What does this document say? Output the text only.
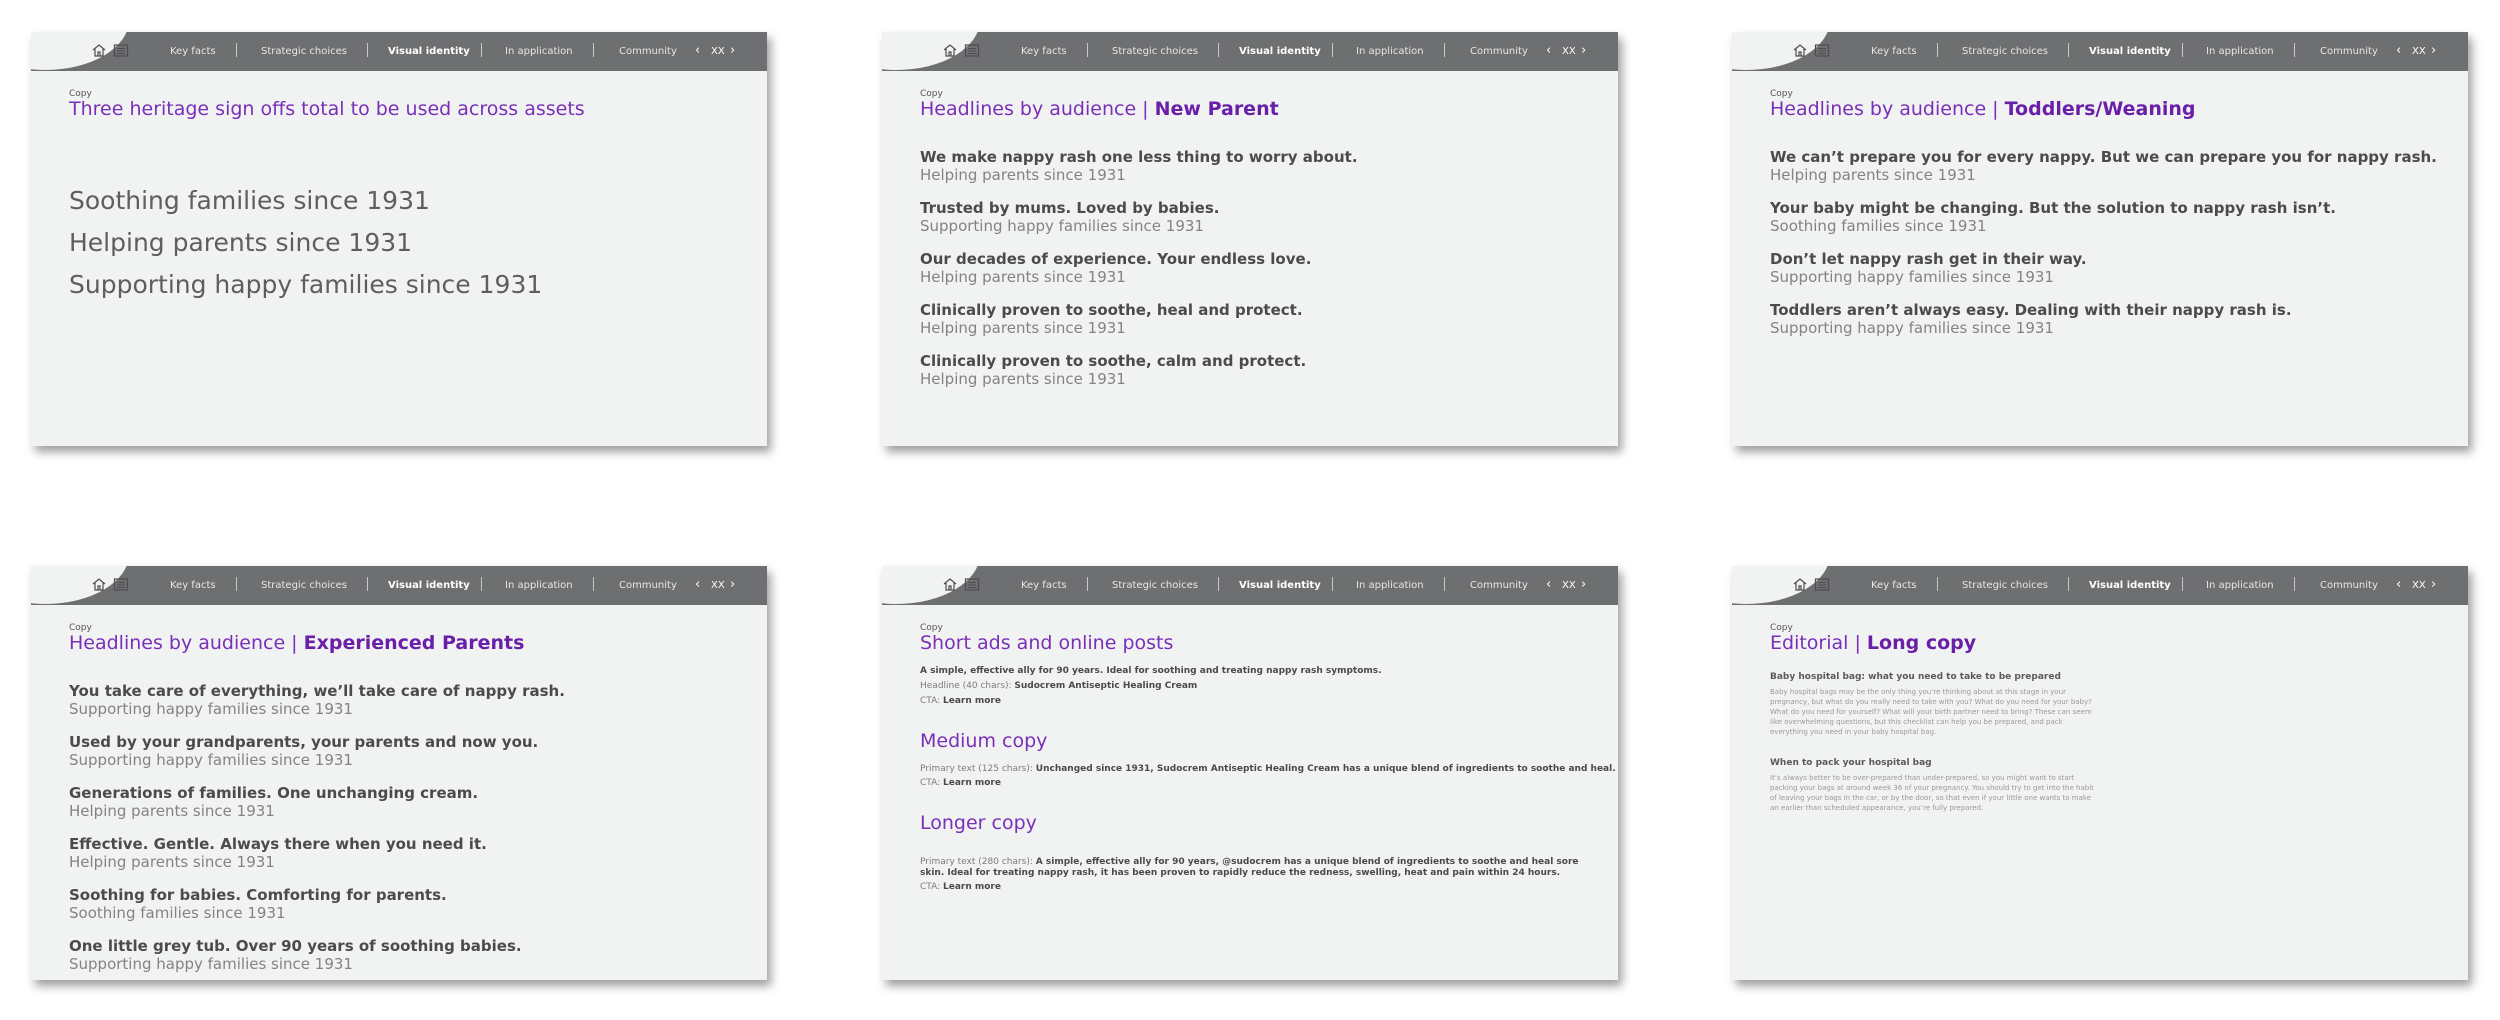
Key facts	Strategic choices	Visual identity	In application	Community ‹ XX ›
Copy
Three heritage sign offs total to be used across assets
Soothing families since 1931
Helping parents since 1931
Supporting happy families since 1931
Key facts	Strategic choices	Visual identity	In application	Community ‹ XX ›
Copy
Headlines by audience | New Parent
We make nappy rash one less thing to worry about.
Helping parents since 1931
Trusted by mums. Loved by babies.
Supporting happy families since 1931
Our decades of experience. Your endless love.
Helping parents since 1931
Clinically proven to soothe, heal and protect.
Helping parents since 1931
Clinically proven to soothe, calm and protect.
Helping parents since 1931
Key facts	Strategic choices	Visual identity	In application	Community ‹ XX ›
Copy
Headlines by audience | Toddlers/Weaning
We can’t prepare you for every nappy. But we can prepare you for nappy rash.
Helping parents since 1931
Your baby might be changing. But the solution to nappy rash isn’t.
Soothing families since 1931
Don’t let nappy rash get in their way.
Supporting happy families since 1931
Toddlers aren’t always easy. Dealing with their nappy rash is.
Supporting happy families since 1931
Key facts	Strategic choices	Visual identity	In application	Community ‹ XX ›
Copy
Headlines by audience | Experienced Parents
You take care of everything, we’ll take care of nappy rash.
Supporting happy families since 1931
Used by your grandparents, your parents and now you.
Supporting happy families since 1931
Generations of families. One unchanging cream.
Helping parents since 1931
Effective. Gentle. Always there when you need it.
Helping parents since 1931
Soothing for babies. Comforting for parents.
Soothing families since 1931
One little grey tub. Over 90 years of soothing babies.
Supporting happy families since 1931
Key facts	Strategic choices	Visual identity	In application	Community ‹ XX ›
Copy
Short ads and online posts
A simple, effective ally for 90 years. Ideal for soothing and treating nappy rash symptoms.
Headline (40 chars): Sudocrem Antiseptic Healing Cream
CTA: Learn more
Medium copy
Primary text (125 chars): Unchanged since 1931, Sudocrem Antiseptic Healing Cream has a unique blend of ingredients to soothe and heal.
CTA: Learn more
Longer copy
Primary text (280 chars): A simple, effective ally for 90 years, @sudocrem has a unique blend of ingredients to soothe and heal sore skin. Ideal for treating nappy rash, it has been proven to rapidly reduce the redness, swelling, heat and pain within 24 hours.
CTA: Learn more
Key facts	Strategic choices	Visual identity	In application	Community ‹ XX ›
Copy
Editorial | Long copy
Baby hospital bag: what you need to take to be prepared
Baby hospital bags may be the only thing you’re thinking about at this stage in your pregnancy, but what do you really need to take with you? What do you need for your baby? What do you need for yourself? What will your birth partner need to bring? These can seem like overwhelming questions, but this checklist can help you be prepared, and pack everything you need in your baby hospital bag.
When to pack your hospital bag
It’s always better to be over-prepared than under-prepared, so you might want to start packing your bags at around week 36 of your pregnancy. You should try to get into the habit of leaving your bags in the car, or by the door, so that even if your little one wants to make an earlier than scheduled appearance, you’re fully prepared.
